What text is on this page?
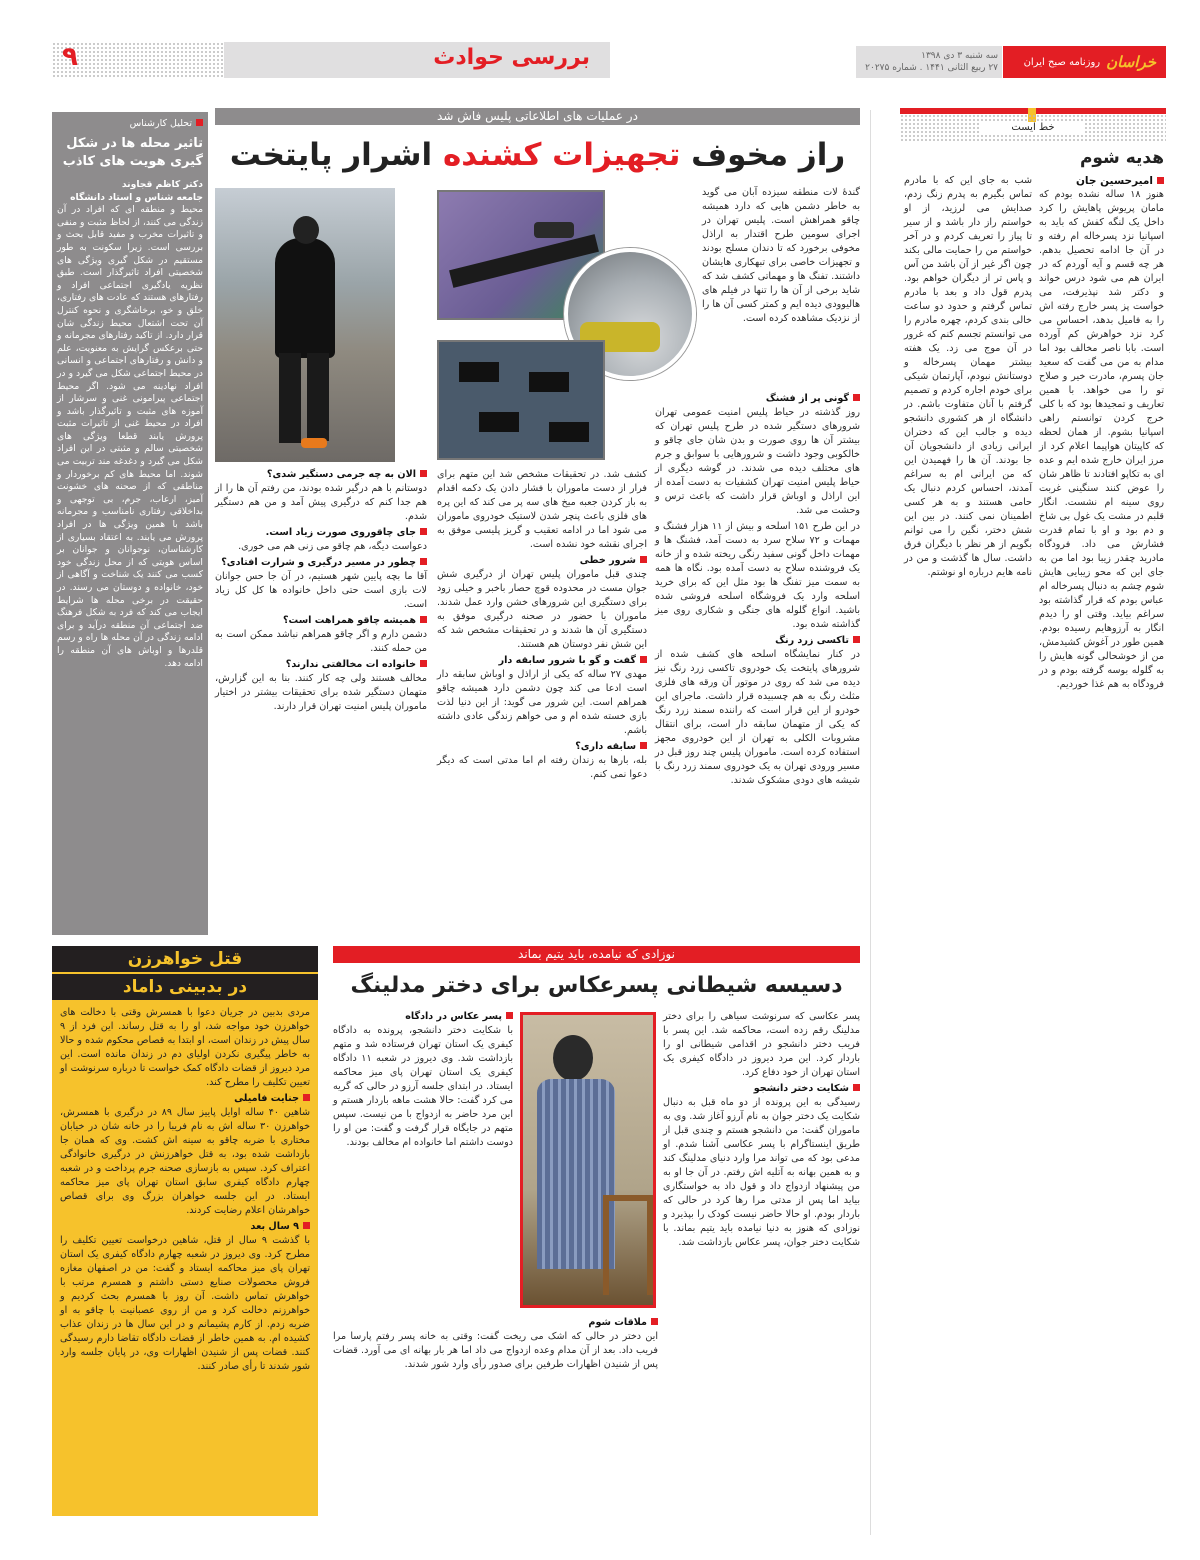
۹	بررسی حوادث	سه شنبه ۳ دی ۱۳۹۸
۲۷ ربیع الثانی ۱۴۴۱ . شماره ۲۰۲۷۵	خراسان
روزنامه صبح ایران
خط ایست
هدیه شوم
امیرحسین جان

هنوز ۱۸ ساله نشده بودم که مامان پریوش پاهایش را کرد داخل یک لنگه کفش که باید به اسپانیا نزد پسرخاله ام رفته و در آن جا ادامه تحصیل بدهم. هر چه قسم و آیه آوردم که در ایران هم می شود درس خواند و دکتر شد نپذیرفت، می خواست پز پسر خارج رفته اش را به فامیل بدهد، احساس می کرد نزد خواهرش کم آورده است. بابا ناصر مخالف بود اما مدام به من می گفت که سعید جان پسرم، مادرت خیر و صلاح تو را می خواهد. با همین تعاریف و تمجیدها بود که با کلی خرج کردن توانستم راهی اسپانیا بشوم. از همان لحظه که کاپیتان هواپیما اعلام کرد از مرز ایران خارج شده ایم و عده ای به تکاپو افتادند تا ظاهر شان را عوض کنند سنگینی غربت روی سینه ام نشست. انگار قلبم در مشت یک غول بی شاخ و دم بود و او با تمام قدرت فشارش می داد. فرودگاه مادرید چقدر زیبا بود اما من به جای این که محو زیبایی هایش شوم چشم به دنبال پسرخاله ام عباس بودم که قرار گذاشته بود سراغم بیاید. وقتی او را دیدم انگار به آرزوهایم رسیده بودم. همین طور در آغوش کشیدمش، من از خوشحالی گونه هایش را به گلوله بوسه گرفته بودم و در فرودگاه به هم غذا خوردیم.

شب به جای این که با مادرم تماس بگیرم به پدرم زنگ زدم، صدایش می لرزید، از او خواستم راز دار باشد و از سیر تا پیاز را تعریف کردم و در آخر خواستم من را حمایت مالی بکند چون اگر غیر از آن باشد من آس و پاس تر از دیگران خواهم بود. پدرم قول داد و بعد با مادرم تماس گرفتم و حدود دو ساعت خالی بندی کردم، چهره مادرم را می توانستم تجسم کنم که غرور در آن موج می زد. یک هفته بیشتر مهمان پسرخاله و دوستانش نبودم، آپارتمان شیکی برای خودم اجاره کردم و تصمیم گرفتم با آنان متفاوت باشم. در دانشگاه از هر کشوری دانشجو دیده و جالب این که دختران ایرانی زیادی از دانشجویان آن جا بودند. آن ها را فهمیدن این که من ایرانی ام به سراغم آمدند، احساس کردم دنبال یک حامی هستند و به هر کسی اطمینان نمی کنند. در بین این شش دختر، نگین را می توانم بگویم از هر نظر با دیگران فرق داشت. سال ها گذشت و من در نامه هایم درباره او نوشتم.

تحلیل کارشناس
تاثیر محله ها در شکل گیری هویت های کاذب
دکتر کاظم قجاوند
جامعه شناس و استاد دانشگاه

محیط و منطقه ای که افراد در آن زندگی می کنند، از لحاظ مثبت و منفی و تاثیرات مخرب و مفید قابل بحث و بررسی است. زیرا سکونت به طور مستقیم در شکل گیری ویژگی های شخصیتی افراد تاثیرگذار است. طبق نظریه یادگیری اجتماعی افراد و رفتارهای هستند که عادت های رفتاری، خلق و خو، برخاشگری و نحوه کنترل آن تحت اشتعال محیط زندگی شان قرار دارد. از تاکید رفتارهای مجرمانه و حتی برعکس گرایش به معنویت، علم و دانش و رفتارهای اجتماعی و انسانی در محیط اجتماعی شکل می گیرد و در افراد نهادینه می شود. اگر محیط اجتماعی پیرامونی غنی و سرشار از آموزه های مثبت و تاثیرگذار باشد و افراد در محیط غنی از تاثیرات مثبت پرورش یابند قطعا ویژگی های شخصیتی سالم و مثبتی در این افراد شکل می گیرد و دغدغه مند تربیت می شوند. اما محیط های کم برخوردار و مناطقی که از صحنه های خشونت آمیز، ارعاب، جرم، بی توجهی و بداخلاقی رفتاری نامناسب و مجرمانه باشد با همین ویژگی ها در افراد پرورش می یابند. به اعتقاد بسیاری از کارشناسان، نوجوانان و جوانان بر اساس هویتی که از محل زندگی خود کسب می کنند یک شناخت و آگاهی از خود، خانواده و دوستان می رسند. در حقیقت در برخی محله ها شرایط ایجاب می کند که فرد به شکل فرهنگ ضد اجتماعی آن منطقه درآید و برای ادامه زندگی در آن محله ها راه و رسم قلدرها و اوباش های آن منطقه را ادامه دهد.

در عملیات های اطلاعاتی پلیس فاش شد
راز مخوف تجهیزات کشنده اشرار پایتخت

گندهٔ لات منطقه سیزده آبان می گوید به خاطر دشمن هایی که دارد همیشه چاقو همراهش است. پلیس تهران در اجرای سومین طرح اقتدار به اراذل مخوفی برخورد که تا دندان مسلح بودند و تجهیزات خاصی برای تبهکاری هایشان داشتند. تفنگ ها و مهماتی کشف شد که شاید برخی از آن ها را تنها در فیلم های هالیوودی دیده ایم و کمتر کسی آن ها را از نزدیک مشاهده کرده است.

گونی پر از فشنگ

روز گذشته در حیاط پلیس امنیت عمومی تهران شرورهای دستگیر شده در طرح پلیس تهران که بیشتر آن ها روی صورت و بدن شان جای چاقو و خالکوبی وجود داشت و شرورهایی با سوابق و جرم های مختلف دیده می شدند. در گوشه دیگری از حیاط پلیس امنیت تهران کشفیات به دست آمده از این اراذل و اوباش قرار داشت که باعث ترس و وحشت می شد.

در این طرح ۱۵۱ اسلحه و بیش از ۱۱ هزار فشنگ و مهمات و ۷۲ سلاح سرد به دست آمد، فشنگ ها و مهمات داخل گونی سفید رنگی ریخته شده و از خانه یک فروشنده سلاح به دست آمده بود. نگاه ها همه به سمت میز تفنگ ها بود مثل این که برای خرید اسلحه وارد یک فروشگاه اسلحه فروشی شده باشید. انواع گلوله های جنگی و شکاری روی میز گذاشته شده بود.

تاکسی زرد رنگ

در کنار نمایشگاه اسلحه های کشف شده از شرورهای پایتخت یک خودروی تاکسی زرد رنگ نیز دیده می شد که روی در موتور آن ورقه های فلزی مثلث رنگ به هم چسبیده قرار داشت. ماجرای این خودرو از این قرار است که راننده سمند زرد رنگ که یکی از متهمان سابقه دار است، برای انتقال مشروبات الکلی به تهران از این خودروی مجهز استفاده کرده است. ماموران پلیس چند روز قبل در مسیر ورودی تهران به یک خودروی سمند زرد رنگ با شیشه های دودی مشکوک شدند.

کشف شد. در تحقیقات مشخص شد این متهم برای فرار از دست ماموران با فشار دادن یک دکمه اقدام به باز کردن جعبه میخ های سه پر می کند که این پره های فلزی باعث پنچر شدن لاستیک خودروی ماموران می شود اما در ادامه تعقیب و گریز پلیسی موفق به اجرای نقشه خود نشده است.

شرور خطی

چندی قبل ماموران پلیس تهران از درگیری شش جوان مست در محدوده قوچ حصار باخبر و خیلی زود برای دستگیری این شرورهای خشن وارد عمل شدند. ماموران با حضور در صحنه درگیری موفق به دستگیری آن ها شدند و در تحقیقات مشخص شد که این شش نفر دوستان هم هستند.

گفت و گو با شرور سابقه دار

مهدی ۲۷ ساله که یکی از اراذل و اوباش سابقه دار است ادعا می کند چون دشمن دارد همیشه چاقو همراهم است. این شرور می گوید: از این دنیا لذت بازی خسته شده ام و می خواهم زندگی عادی داشته باشم.

سابقه داری؟

بله، بارها به زندان رفته ام اما مدتی است که دیگر دعوا نمی کنم.

الان به چه جرمی دستگیر شدی؟

دوستانم با هم درگیر شده بودند، من رفتم آن ها را از هم جدا کنم که درگیری پیش آمد و من هم دستگیر شدم.

جای چاقوروی صورت زیاد است.

دعواست دیگه، هم چاقو می زنی هم می خوری.

چطور در مسیر درگیری و شرارت افتادی؟

آقا ما بچه پایین شهر هستیم، در آن جا حس جوانان لات بازی است حتی داخل خانواده ها کل کل زیاد است.

همیشه چاقو همراهت است؟

دشمن دارم و اگر چاقو همراهم نباشد ممکن است به من حمله کنند.

خانواده ات مخالفتی ندارند؟

مخالف هستند ولی چه کار کنند. بنا به این گزارش، متهمان دستگیر شده برای تحقیقات بیشتر در اختیار ماموران پلیس امنیت تهران قرار دارند.

قتل خواهرزن
در بدبینی داماد

مردی بدبین در جریان دعوا با همسرش وقتی با دخالت های خواهرزن خود مواجه شد، او را به قتل رساند. این فرد از ۹ سال پیش در زندان است، او ابتدا به قصاص محکوم شده و حالا به خاطر پیگیری نکردن اولیای دم در زندان مانده است. این مرد دیروز از قضات دادگاه کمک خواست تا درباره سرنوشت او تعیین تکلیف را مطرح کند.

جنایت فامیلی

شاهین ۴۰ ساله اوایل پاییز سال ۸۹ در درگیری با همسرش، خواهرزن ۳۰ ساله اش به نام فریبا را در خانه شان در خیابان مختاری با ضربه چاقو به سینه اش کشت. وی که همان جا بازداشت شده بود، به قتل خواهرزنش در درگیری خانوادگی اعتراف کرد. سپس به بازسازی صحنه جرم پرداخت و در شعبه چهارم دادگاه کیفری سابق استان تهران پای میز محاکمه ایستاد. در این جلسه خواهران بزرگ وی برای قصاص خواهرشان اعلام رضایت کردند.

۹ سال بعد

با گذشت ۹ سال از قتل، شاهین درخواست تعیین تکلیف را مطرح کرد. وی دیروز در شعبه چهارم دادگاه کیفری یک استان تهران پای میز محاکمه ایستاد و گفت: من در اصفهان مغازه فروش محصولات صنایع دستی داشتم و همسرم مرتب با خواهرش تماس داشت. آن روز با همسرم بحث کردیم و خواهرزنم دخالت کرد و من از روی عصبانیت با چاقو به او ضربه زدم. از کارم پشیمانم و در این سال ها در زندان عذاب کشیده ام. به همین خاطر از قضات دادگاه تقاضا دارم رسیدگی کنند. قضات پس از شنیدن اظهارات وی، در پایان جلسه وارد شور شدند تا رأی صادر کنند.

نوزادی که نیامده، باید یتیم بماند
دسیسه شیطانی پسرعکاس برای دختر مدلینگ

پسر عکاسی که سرنوشت سیاهی را برای دختر مدلینگ رقم زده است، محاکمه شد. این پسر با فریب دختر دانشجو در اقدامی شیطانی او را باردار کرد. این مرد دیروز در دادگاه کیفری یک استان تهران از خود دفاع کرد.

شکایت دختر دانشجو

رسیدگی به این پرونده از دو ماه قبل به دنبال شکایت یک دختر جوان به نام آرزو آغاز شد. وی به ماموران گفت: من دانشجو هستم و چندی قبل از طریق اینستاگرام با پسر عکاسی آشنا شدم. او مدعی بود که می تواند مرا وارد دنیای مدلینگ کند و به همین بهانه به آتلیه اش رفتم. در آن جا او به من پیشنهاد ازدواج داد و قول داد به خواستگاری بیاید اما پس از مدتی مرا رها کرد در حالی که باردار بودم. او حالا حاضر نیست کودک را بپذیرد و نوزادی که هنوز به دنیا نیامده باید یتیم بماند. با شکایت دختر جوان، پسر عکاس بازداشت شد.

پسر عکاس در دادگاه

با شکایت دختر دانشجو، پرونده به دادگاه کیفری یک استان تهران فرستاده شد و متهم بازداشت شد. وی دیروز در شعبه ۱۱ دادگاه کیفری یک استان تهران پای میز محاکمه ایستاد. در ابتدای جلسه آرزو در حالی که گریه می کرد گفت: حالا هشت ماهه باردار هستم و این مرد حاضر به ازدواج با من نیست. سپس متهم در جایگاه قرار گرفت و گفت: من او را دوست داشتم اما خانواده ام مخالف بودند.

ملاقات شوم

این دختر در حالی که اشک می ریخت گفت: وقتی به خانه پسر رفتم پارسا مرا فریب داد. بعد از آن مدام وعده ازدواج می داد اما هر بار بهانه ای می آورد. قضات پس از شنیدن اظهارات طرفین برای صدور رأی وارد شور شدند.
